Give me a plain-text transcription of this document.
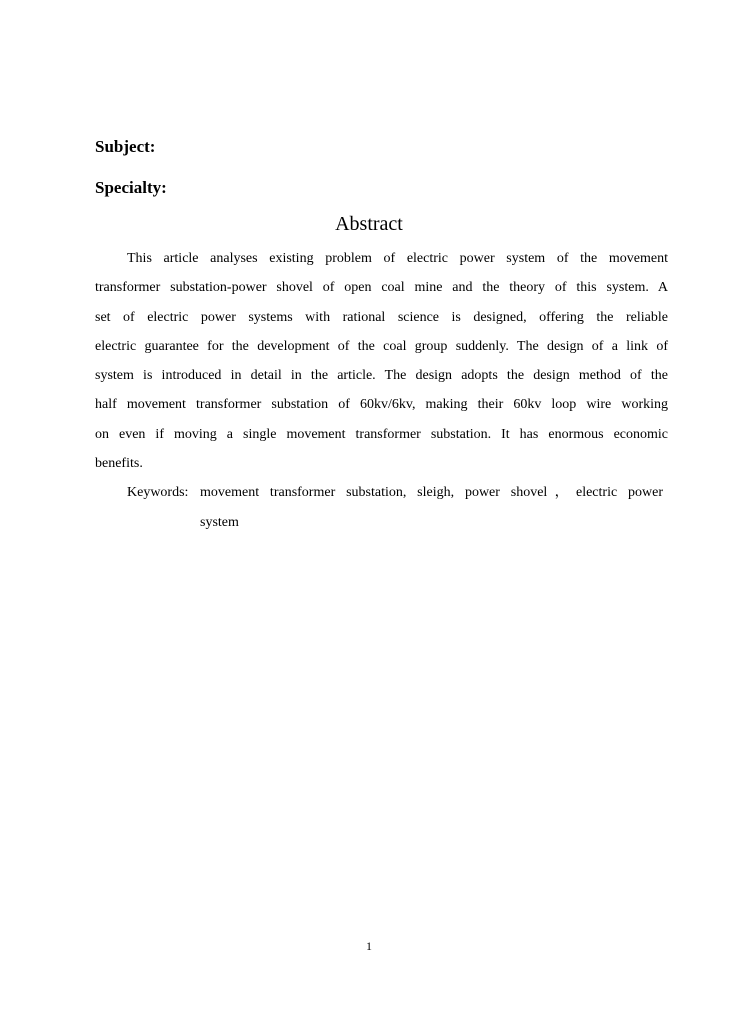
Subject:
Specialty:
Abstract
This article analyses existing problem of electric power system of the movement
transformer substation-power shovel of open coal mine and the theory of this system. A
set of electric power systems with rational science is designed, offering the reliable
electric guarantee for the development of the coal group suddenly. The design of a link of
system is introduced in detail in the article. The design adopts the design method of the
half movement transformer substation of 60kv/6kv, making their 60kv loop wire working
on even if moving a single movement transformer substation. It has enormous economic
benefits.
Keywords: movement transformer substation, sleigh, power shovel，electric power
system
1
